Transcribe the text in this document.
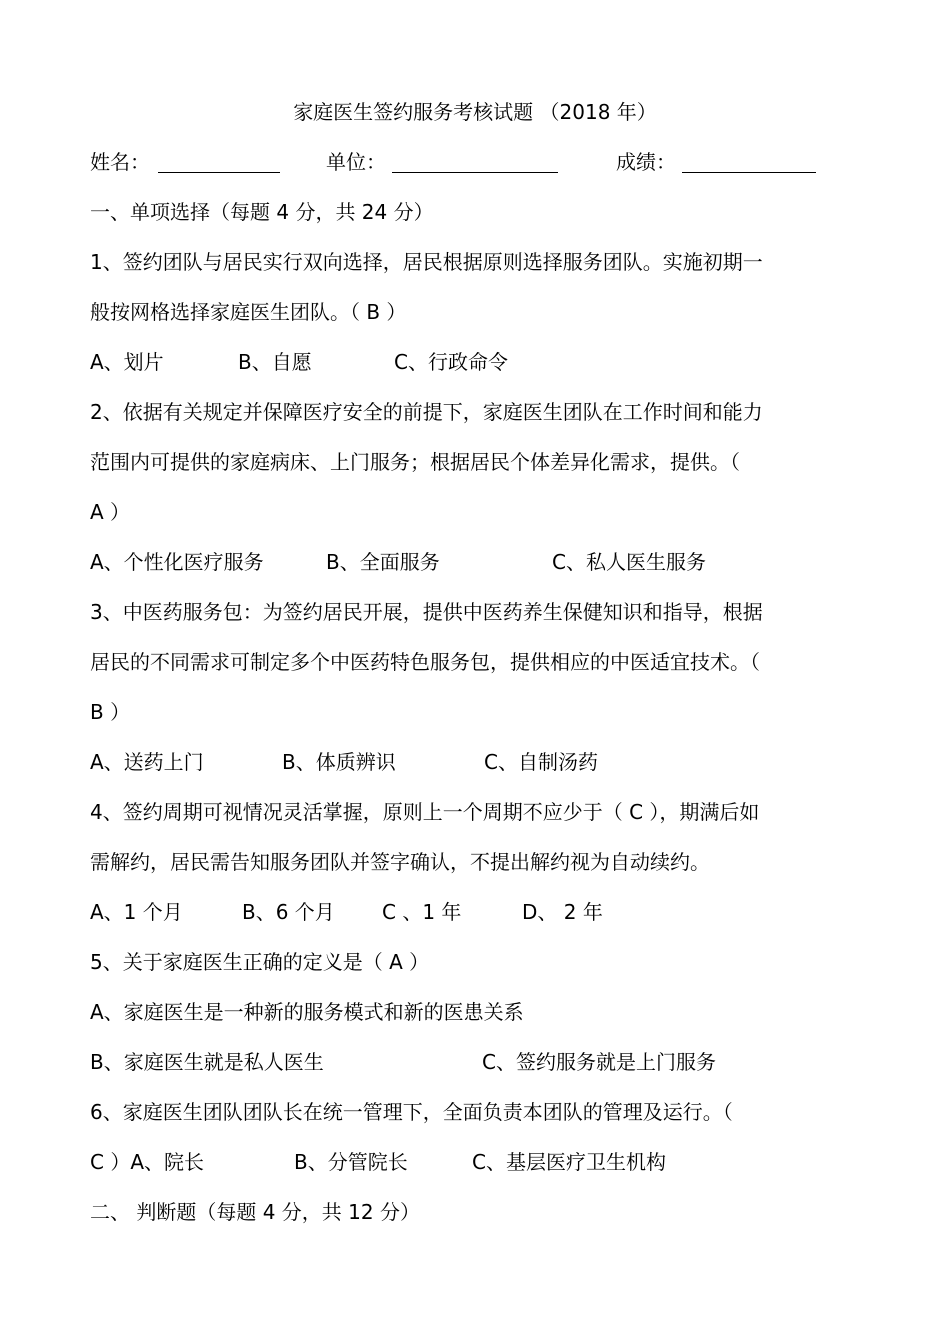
家庭医生签约服务考核试题 （2018 年）
姓名：	单位：	成绩：
一、单项选择（每题 4 分，共 24 分）
1、签约团队与居民实行双向选择，居民根据原则选择服务团队。实施初期一
般按网格选择家庭医生团队。（ B ）
A、划片	B、自愿	C、行政命令
2、依据有关规定并保障医疗安全的前提下，家庭医生团队在工作时间和能力
范围内可提供的家庭病床、上门服务；根据居民个体差异化需求，提供。（
A ）
A、个性化医疗服务	B、全面服务	C、私人医生服务
3、中医药服务包：为签约居民开展，提供中医药养生保健知识和指导，根据
居民的不同需求可制定多个中医药特色服务包，提供相应的中医适宜技术。（
B ）
A、送药上门	B、体质辨识	C、自制汤药
4、签约周期可视情况灵活掌握，原则上一个周期不应少于（ C ），期满后如
需解约，居民需告知服务团队并签字确认，不提出解约视为自动续约。
A、1 个月	B、6 个月 C 、1 年	D、 2 年
5、关于家庭医生正确的定义是（ A ）
A、家庭医生是一种新的服务模式和新的医患关系
B、家庭医生就是私人医生	C、签约服务就是上门服务
6、家庭医生团队团队长在统一管理下，全面负责本团队的管理及运行。（
C ）A、院长	B、分管院长	C、基层医疗卫生机构
二、 判断题（每题 4 分，共 12 分）
